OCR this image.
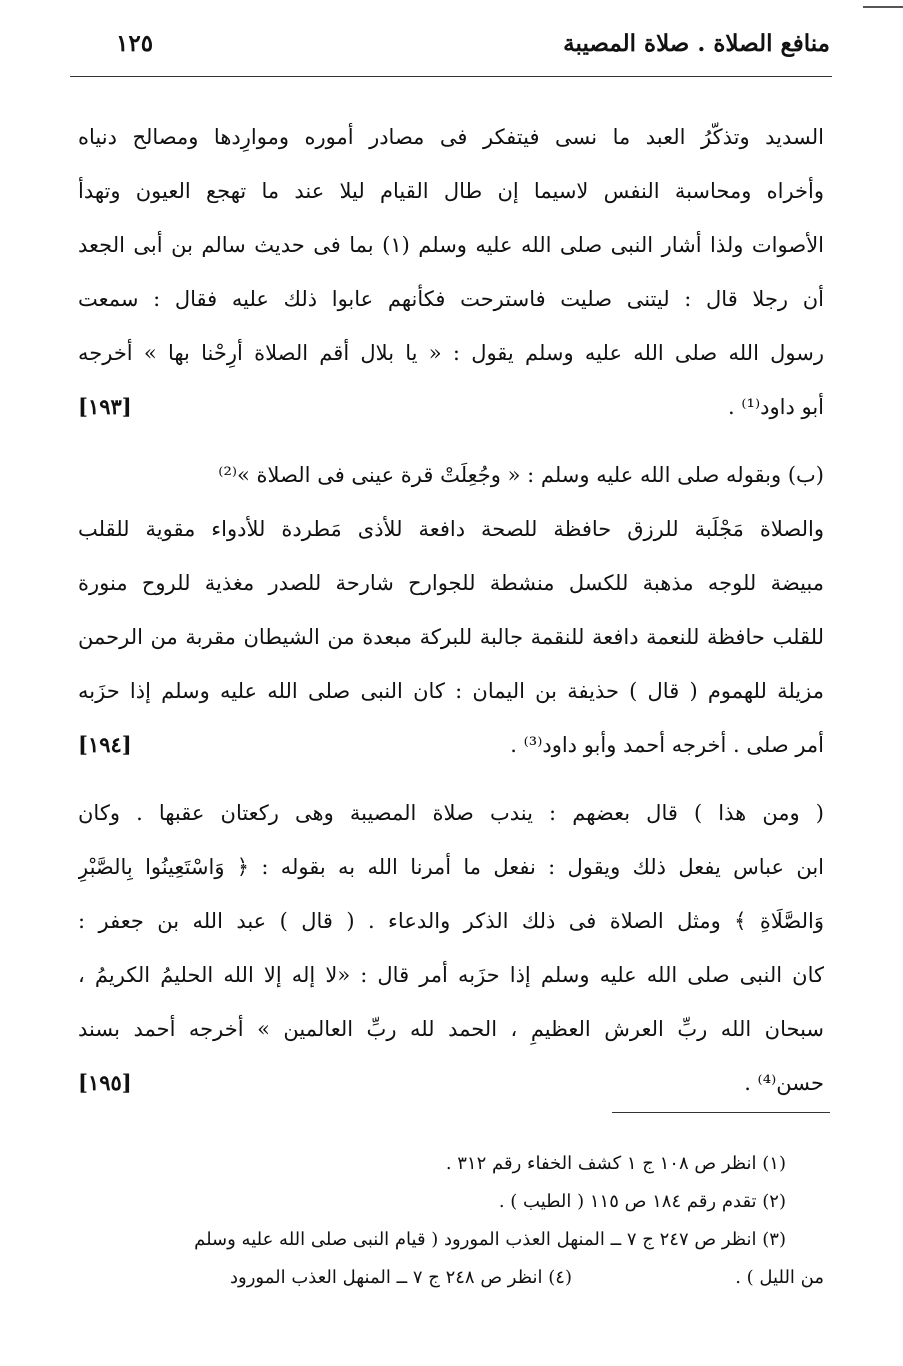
منافع الصلاة . صلاة المصيبة
١٢٥
السديد وتذكّرُ العبد ما نسى فيتفكر فى مصادر أموره وموارِدها ومصالح دنياه
وأخراه ومحاسبة النفس لاسيما إن طال القيام ليلا عند ما تهجع العيون وتهدأ
الأصوات ولذا أشار النبى صلى الله عليه وسلم (١) بما فى حديث سالم بن أبى الجعد
أن رجلا قال : ليتنى صليت فاسترحت فكأنهم عابوا ذلك عليه فقال : سمعت
رسول الله صلى الله عليه وسلم يقول : « يا بلال أقم الصلاة أرِحْنا بها » أخرجه
أبو داود⁽¹⁾ .
[١٩٣]
(ب) وبقوله صلى الله عليه وسلم : « وجُعِلَتْ قرة عينى فى الصلاة »⁽²⁾
والصلاة مَجْلَبة للرزق حافظة للصحة دافعة للأذى مَطردة للأدواء مقوية للقلب
مبيضة للوجه مذهبة للكسل منشطة للجوارح شارحة للصدر مغذية للروح منورة
للقلب حافظة للنعمة دافعة للنقمة جالبة للبركة مبعدة من الشيطان مقربة من الرحمن
مزيلة للهموم ( قال ) حذيفة بن اليمان : كان النبى صلى الله عليه وسلم إذا حزَبه
أمر صلى . أخرجه أحمد وأبو داود⁽³⁾ .
[١٩٤]
( ومن هذا ) قال بعضهم : يندب صلاة المصيبة وهى ركعتان عقبها . وكان
ابن عباس يفعل ذلك ويقول : نفعل ما أمرنا الله به بقوله : ﴿ وَاسْتَعِينُوا بِالصَّبْرِ
وَالصَّلَاةِ ﴾ ومثل الصلاة فى ذلك الذكر والدعاء . ( قال ) عبد الله بن جعفر :
كان النبى صلى الله عليه وسلم إذا حزَبه أمر قال : «لا إله إلا الله الحليمُ الكريمُ ،
سبحان الله ربِّ العرش العظيمِ ، الحمد لله ربِّ العالمين » أخرجه أحمد بسند
حسن⁽⁴⁾ .
[١٩٥]
(١) انظر ص ١٠٨ ج ١ كشف الخفاء رقم ٣١٢ .
(٢) تقدم رقم ١٨٤ ص ١١٥ ( الطيب ) .
(٣) انظر ص ٢٤٧ ج ٧ ــ المنهل العذب المورود ( قيام النبى صلى الله عليه وسلم
من الليل ) .
(٤) انظر ص ٢٤٨ ج ٧ ــ المنهل العذب المورود
